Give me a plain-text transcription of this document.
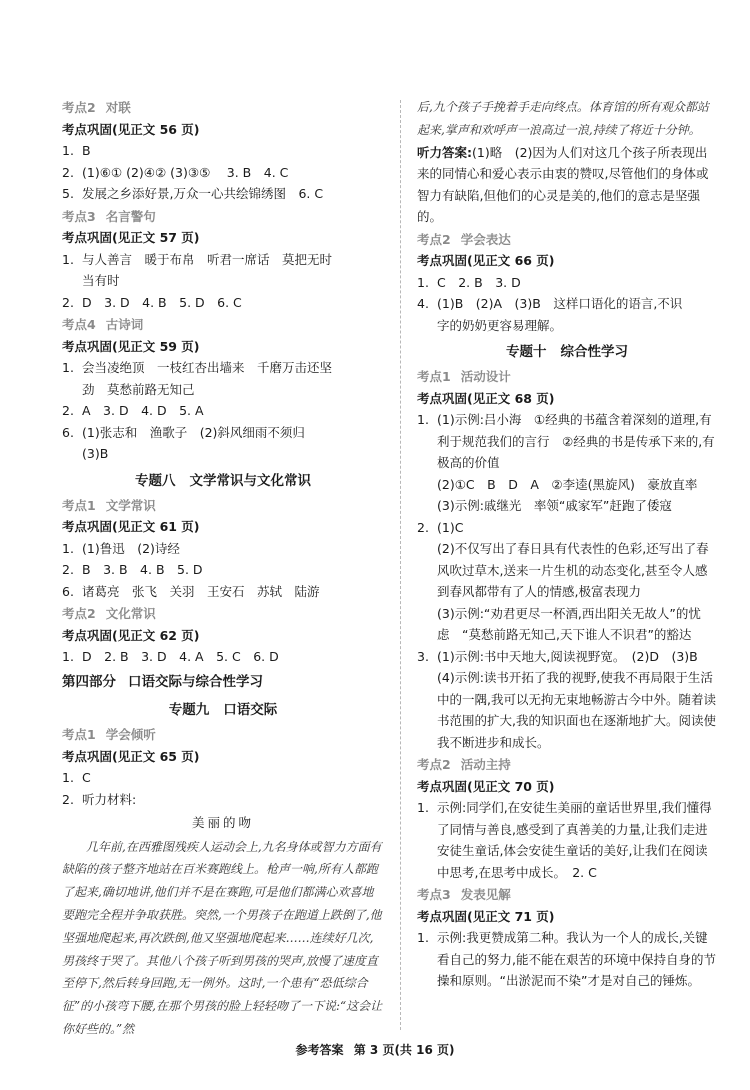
考点2 对联
考点巩固(见正文 56 页)
1. B
2. (1)⑥① (2)④② (3)③⑤　 3. B　4. C
5. 发展之乡添好景,万众一心共绘锦绣图　6. C
考点3 名言警句
考点巩固(见正文 57 页)
1. 与人善言　暖于布帛　听君一席话　莫把无时
当有时
2. D　3. D　4. B　5. D　6. C
考点4 古诗词
考点巩固(见正文 59 页)
1. 会当凌绝顶　一枝红杏出墙来　千磨万击还坚
劲　莫愁前路无知己
2. A　3. D　4. D　5. A
6. (1)张志和　渔歌子　(2)斜风细雨不须归
(3)B
专题八 文学常识与文化常识
考点1 文学常识
考点巩固(见正文 61 页)
1. (1)鲁迅　(2)诗经
2. B　3. B　4. B　5. D
6. 诸葛亮　张飞　关羽　王安石　苏轼　陆游
考点2 文化常识
考点巩固(见正文 62 页)
1. D　2. B　3. D　4. A　5. C　6. D
第四部分 口语交际与综合性学习
专题九 口语交际
考点1 学会倾听
考点巩固(见正文 65 页)
1. C
2. 听力材料:
美丽的吻

几年前,在西雅图残疾人运动会上,九名身体或智力方面有缺陷的孩子整齐地站在百米赛跑线上。枪声一响,所有人都跑了起来,确切地讲,他们并不是在赛跑,可是他们都满心欢喜地要跑完全程并争取获胜。突然,一个男孩子在跑道上跌倒了,他坚强地爬起来,再次跌倒,他又坚强地爬起来……连续好几次,男孩终于哭了。其他八个孩子听到男孩的哭声,放慢了速度直至停下,然后转身回跑,无一例外。这时,一个患有“恐低综合征”的小孩弯下腰,在那个男孩的脸上轻轻吻了一下说:“这会让你好些的。”然

后,九个孩子手挽着手走向终点。体育馆的所有观众都站起来,掌声和欢呼声一浪高过一浪,持续了将近十分钟。

听力答案:(1)略　(2)因为人们对这几个孩子所表现出来的同情心和爱心表示由衷的赞叹,尽管他们的身体或智力有缺陷,但他们的心灵是美的,他们的意志是坚强的。
考点2 学会表达
考点巩固(见正文 66 页)
1. C　2. B　3. D
4. (1)B　(2)A　(3)B　这样口语化的语言,不识
字的奶奶更容易理解。
专题十 综合性学习
考点1 活动设计
考点巩固(见正文 68 页)
1. (1)示例:吕小海　①经典的书蕴含着深刻的道理,有利于规范我们的言行　②经典的书是传承下来的,有极高的价值
(2)①C　B　D　A　②李逵(黑旋风)　豪放直率
(3)示例:戚继光　率领“戚家军”赶跑了倭寇
2. (1)C
(2)不仅写出了春日具有代表性的色彩,还写出了春风吹过草木,送来一片生机的动态变化,甚至令人感到春风都带有了人的情感,极富表现力
(3)示例:“劝君更尽一杯酒,西出阳关无故人”的忧虑　“莫愁前路无知己,天下谁人不识君”的豁达
3. (1)示例:书中天地大,阅读视野宽。　(2)D　(3)B
(4)示例:读书开拓了我的视野,使我不再局限于生活中的一隅,我可以无拘无束地畅游古今中外。随着读书范围的扩大,我的知识面也在逐渐地扩大。阅读使我不断进步和成长。
考点2 活动主持
考点巩固(见正文 70 页)
1. 示例:同学们,在安徒生美丽的童话世界里,我们懂得了同情与善良,感受到了真善美的力量,让我们走进安徒生童话,体会安徒生童话的美好,让我们在阅读中思考,在思考中成长。　2. C
考点3 发表见解
考点巩固(见正文 71 页)
1. 示例:我更赞成第二种。我认为一个人的成长,关键看自己的努力,能不能在艰苦的环境中保持自身的节操和原则。“出淤泥而不染”才是对自己的锤炼。
参考答案 第 3 页(共 16 页)
